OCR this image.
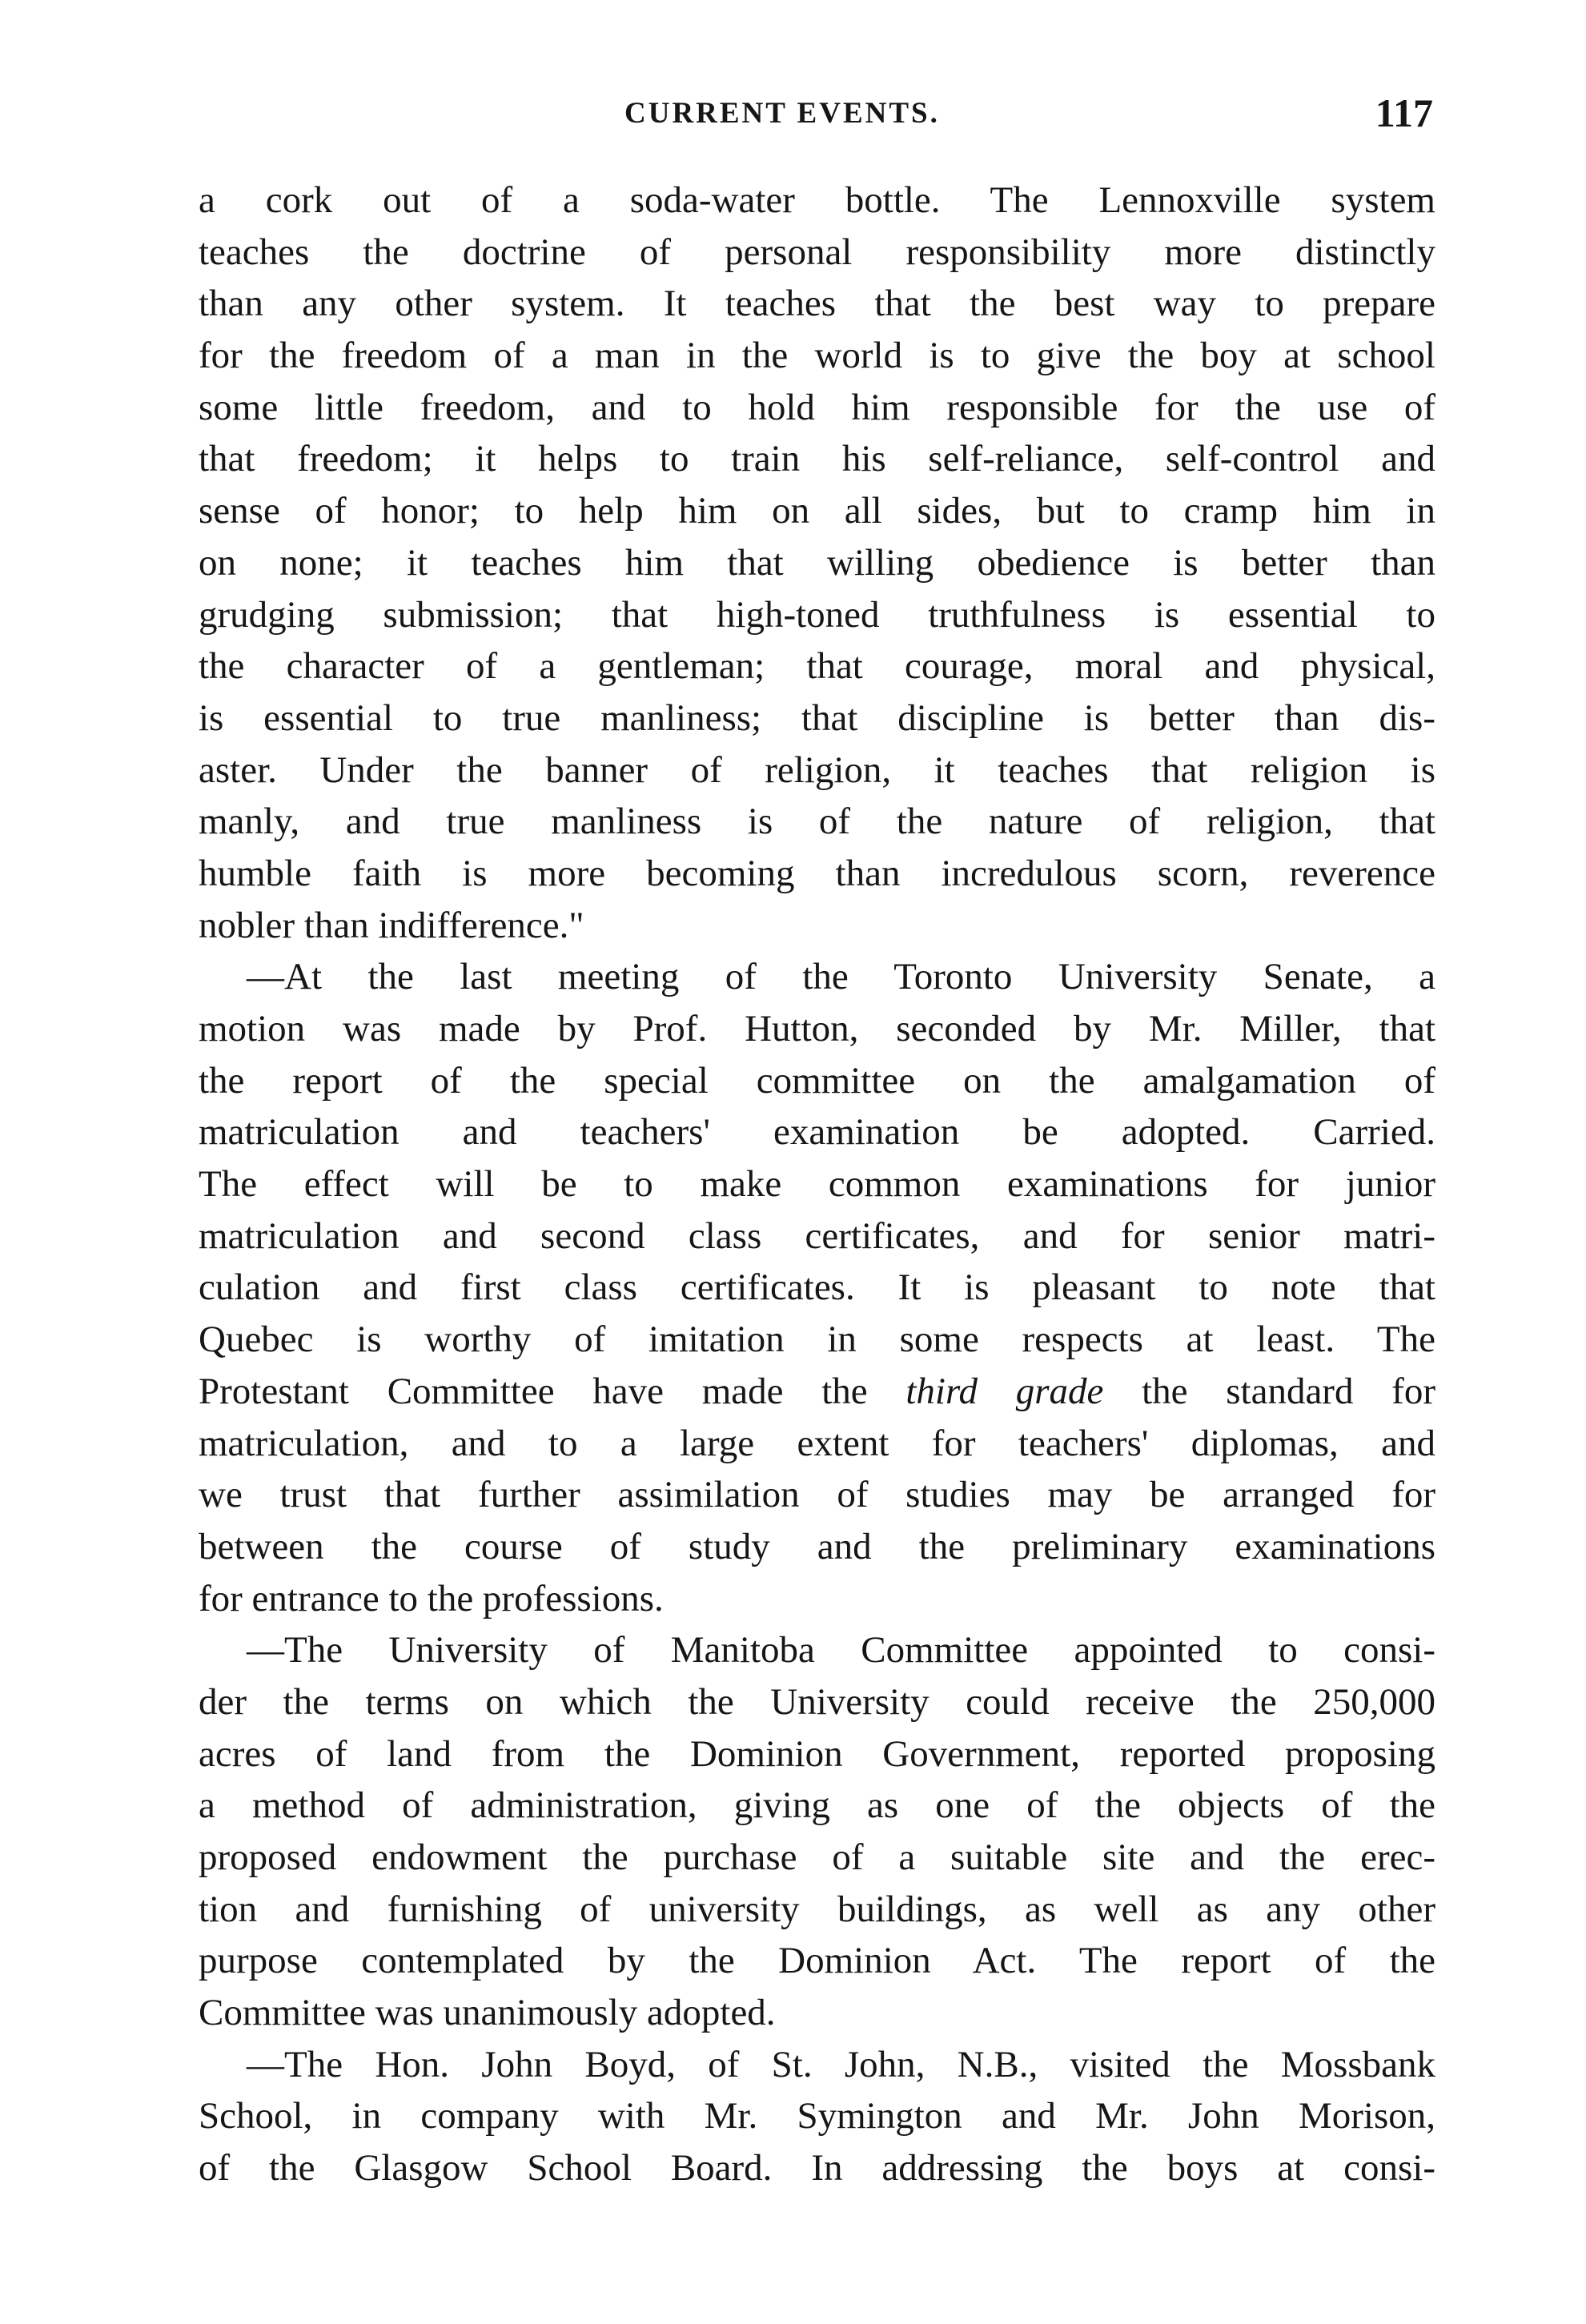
CURRENT EVENTS.	117
a cork out of a soda-water bottle. The Lennoxville system
teaches the doctrine of personal responsibility more distinctly
than any other system. It teaches that the best way to prepare
for the freedom of a man in the world is to give the boy at school
some little freedom, and to hold him responsible for the use of
that freedom; it helps to train his self-reliance, self-control and
sense of honor; to help him on all sides, but to cramp him in
on none; it teaches him that willing obedience is better than
grudging submission; that high-toned truthfulness is essential to
the character of a gentleman; that courage, moral and physical,
is essential to true manliness; that discipline is better than dis-
aster. Under the banner of religion, it teaches that religion is
manly, and true manliness is of the nature of religion, that
humble faith is more becoming than incredulous scorn, reverence
nobler than indifference."
—At the last meeting of the Toronto University Senate, a
motion was made by Prof. Hutton, seconded by Mr. Miller, that
the report of the special committee on the amalgamation of
matriculation and teachers' examination be adopted. Carried.
The effect will be to make common examinations for junior
matriculation and second class certificates, and for senior matri-
culation and first class certificates. It is pleasant to note that
Quebec is worthy of imitation in some respects at least. The
Protestant Committee have made the third grade the standard for
matriculation, and to a large extent for teachers' diplomas, and
we trust that further assimilation of studies may be arranged for
between the course of study and the preliminary examinations
for entrance to the professions.
—The University of Manitoba Committee appointed to consi-
der the terms on which the University could receive the 250,000
acres of land from the Dominion Government, reported proposing
a method of administration, giving as one of the objects of the
proposed endowment the purchase of a suitable site and the erec-
tion and furnishing of university buildings, as well as any other
purpose contemplated by the Dominion Act. The report of the
Committee was unanimously adopted.
—The Hon. John Boyd, of St. John, N.B., visited the Mossbank
School, in company with Mr. Symington and Mr. John Morison,
of the Glasgow School Board. In addressing the boys at consi-
